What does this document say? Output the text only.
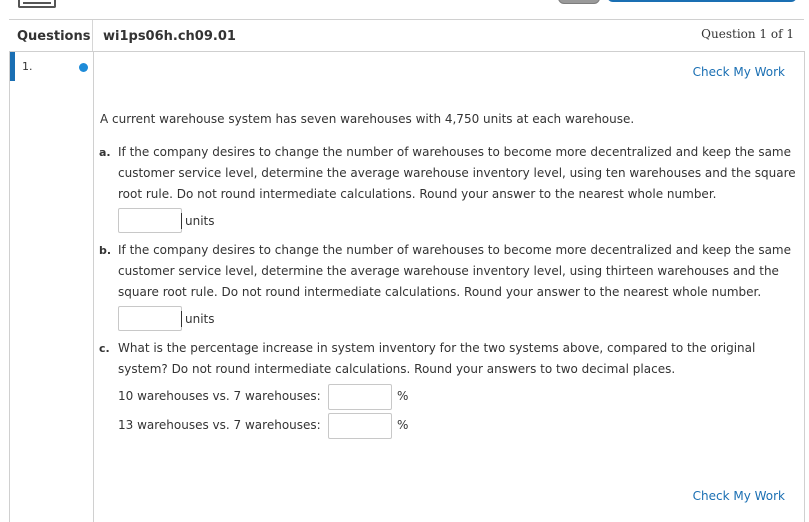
Questions wi1ps06h.ch09.01	Question 1 of 1
1.	Check My Work
A current warehouse system has seven warehouses with 4,750 units at each warehouse.
a. If the company desires to change the number of warehouses to become more decentralized and keep the same customer service level, determine the average warehouse inventory level, using ten warehouses and the square root rule. Do not round intermediate calculations. Round your answer to the nearest whole number.
units
b. If the company desires to change the number of warehouses to become more decentralized and keep the same customer service level, determine the average warehouse inventory level, using thirteen warehouses and the square root rule. Do not round intermediate calculations. Round your answer to the nearest whole number.
units
c. What is the percentage increase in system inventory for the two systems above, compared to the original system? Do not round intermediate calculations. Round your answers to two decimal places.
10 warehouses vs. 7 warehouses:	%
13 warehouses vs. 7 warehouses:	%
Check My Work
